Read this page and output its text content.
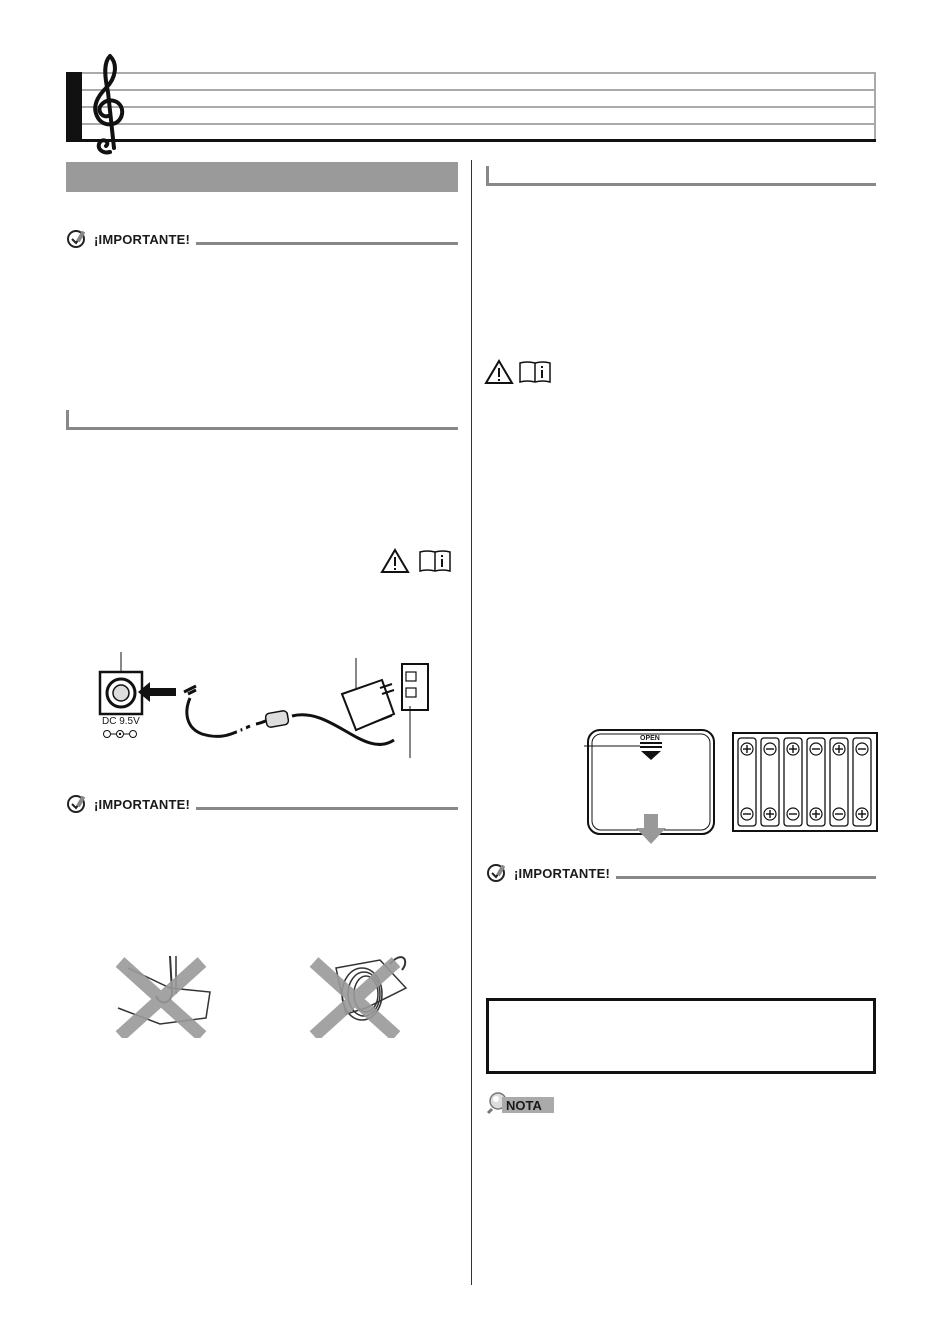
¡IMPORTANTE!
DC 9.5V
¡IMPORTANTE!
OPEN
¡IMPORTANTE!
NOTA
